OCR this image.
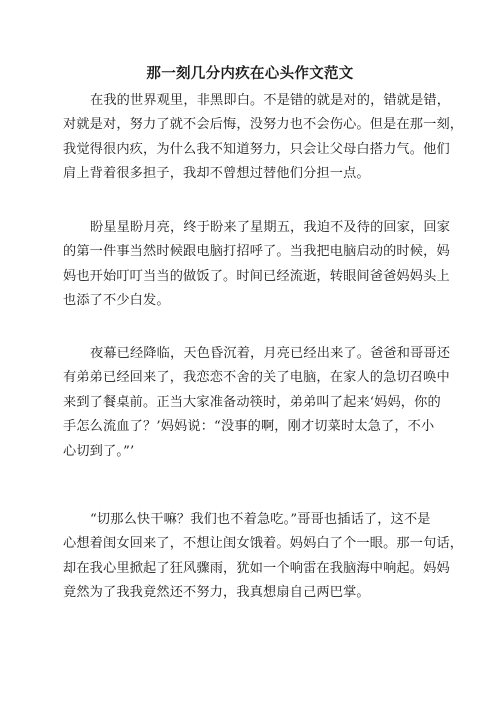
那一刻几分内疚在心头作文范文
在我的世界观里，非黑即白。不是错的就是对的，错就是错，
对就是对，努力了就不会后悔，没努力也不会伤心。但是在那一刻，
我觉得很内疚，为什么我不知道努力，只会让父母白搭力气。他们
肩上背着很多担子，我却不曾想过替他们分担一点。
盼星星盼月亮，终于盼来了星期五，我迫不及待的回家，回家
的第一件事当然时候跟电脑打招呼了。当我把电脑启动的时候，妈
妈也开始叮叮当当的做饭了。时间已经流逝，转眼间爸爸妈妈头上
也添了不少白发。
夜幕已经降临，天色昏沉着，月亮已经出来了。爸爸和哥哥还
有弟弟已经回来了，我恋恋不舍的关了电脑，在家人的急切召唤中
来到了餐桌前。正当大家准备动筷时，弟弟叫了起来‘妈妈，你的
手怎么流血了？’妈妈说：“没事的啊，刚才切菜时太急了，不小
心切到了。”’
“切那么快干嘛？我们也不着急吃。”哥哥也插话了，这不是
心想着闺女回来了，不想让闺女饿着。妈妈白了个一眼。那一句话，
却在我心里掀起了狂风骤雨，犹如一个响雷在我脑海中响起。妈妈
竟然为了我我竟然还不努力，我真想扇自己两巴掌。
